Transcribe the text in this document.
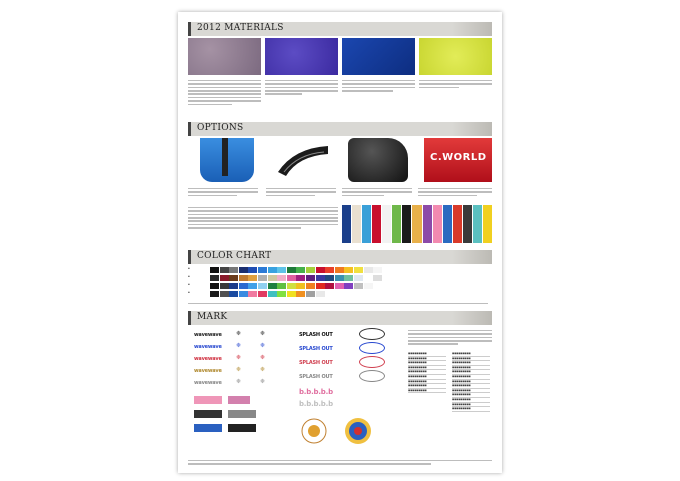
2012 MATERIALS
OPTIONS
C.WORLD
COLOR CHART
▪
▪
▪
▪
MARK
wavewave ❈	❈
wavewave ❈	❈
wavewave ❈	❈
wavewave ❈	❈
wavewave ❈	❈
SPLASH OUT
SPLASH OUT
SPLASH OUT
SPLASH OUT
b.b.b.b.b
b.b.b.b.b
■■■■■■■■■
■■■■■■■■■
■■■■■■■■■
■■■■■■■■■
■■■■■■■■■
■■■■■■■■■
■■■■■■■■■
■■■■■■■■■
■■■■■■■■■
■■■■■■■■■
■■■■■■■■■
■■■■■■■■■
■■■■■■■■■
■■■■■■■■■
■■■■■■■■■
■■■■■■■■■
■■■■■■■■■
■■■■■■■■■
■■■■■■■■■
■■■■■■■■■
■■■■■■■■■
■■■■■■■■■
